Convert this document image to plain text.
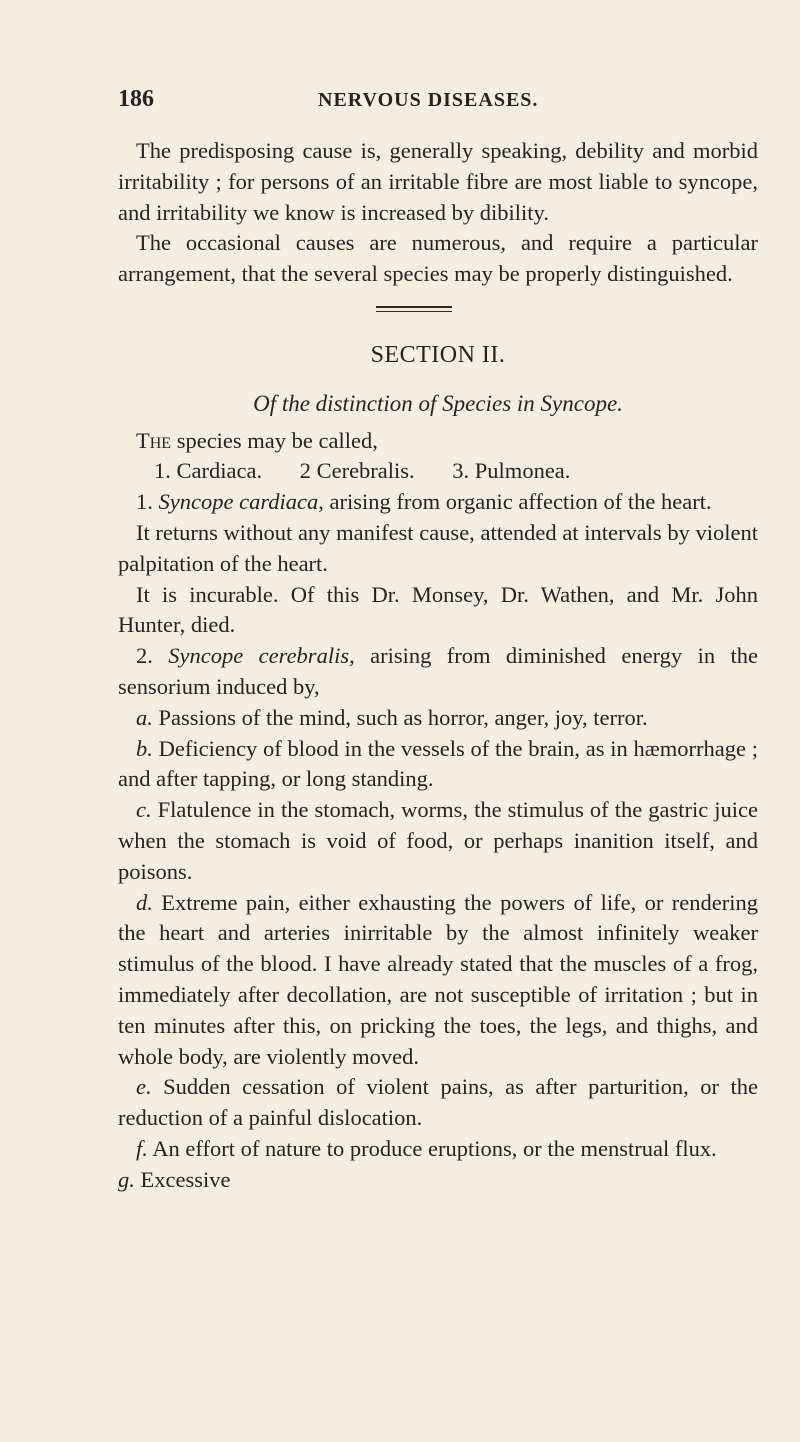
186	NERVOUS DISEASES.

The predisposing cause is, generally speaking, debility and morbid irritability ; for persons of an irritable fibre are most liable to syncope, and irritability we know is increased by dibility.

The occasional causes are numerous, and require a particular arrangement, that the several species may be properly distinguished.

SECTION II.
Of the distinction of Species in Syncope.

The species may be called,

1. Cardiaca. 2 Cerebralis. 3. Pulmonea.

1. Syncope cardiaca, arising from organic affection of the heart.

It returns without any manifest cause, attended at intervals by violent palpitation of the heart.

It is incurable. Of this Dr. Monsey, Dr. Wathen, and Mr. John Hunter, died.

2. Syncope cerebralis, arising from diminished energy in the sensorium induced by,

a. Passions of the mind, such as horror, anger, joy, terror.

b. Deficiency of blood in the vessels of the brain, as in hæmorrhage ; and after tapping, or long standing.

c. Flatulence in the stomach, worms, the stimulus of the gastric juice when the stomach is void of food, or perhaps inanition itself, and poisons.

d. Extreme pain, either exhausting the powers of life, or rendering the heart and arteries inirritable by the almost infinitely weaker stimulus of the blood. I have already stated that the muscles of a frog, immediately after decollation, are not susceptible of irritation ; but in ten minutes after this, on pricking the toes, the legs, and thighs, and whole body, are violently moved.

e. Sudden cessation of violent pains, as after parturition, or the reduction of a painful dislocation.

f. An effort of nature to produce eruptions, or the menstrual flux.

g. Excessive
